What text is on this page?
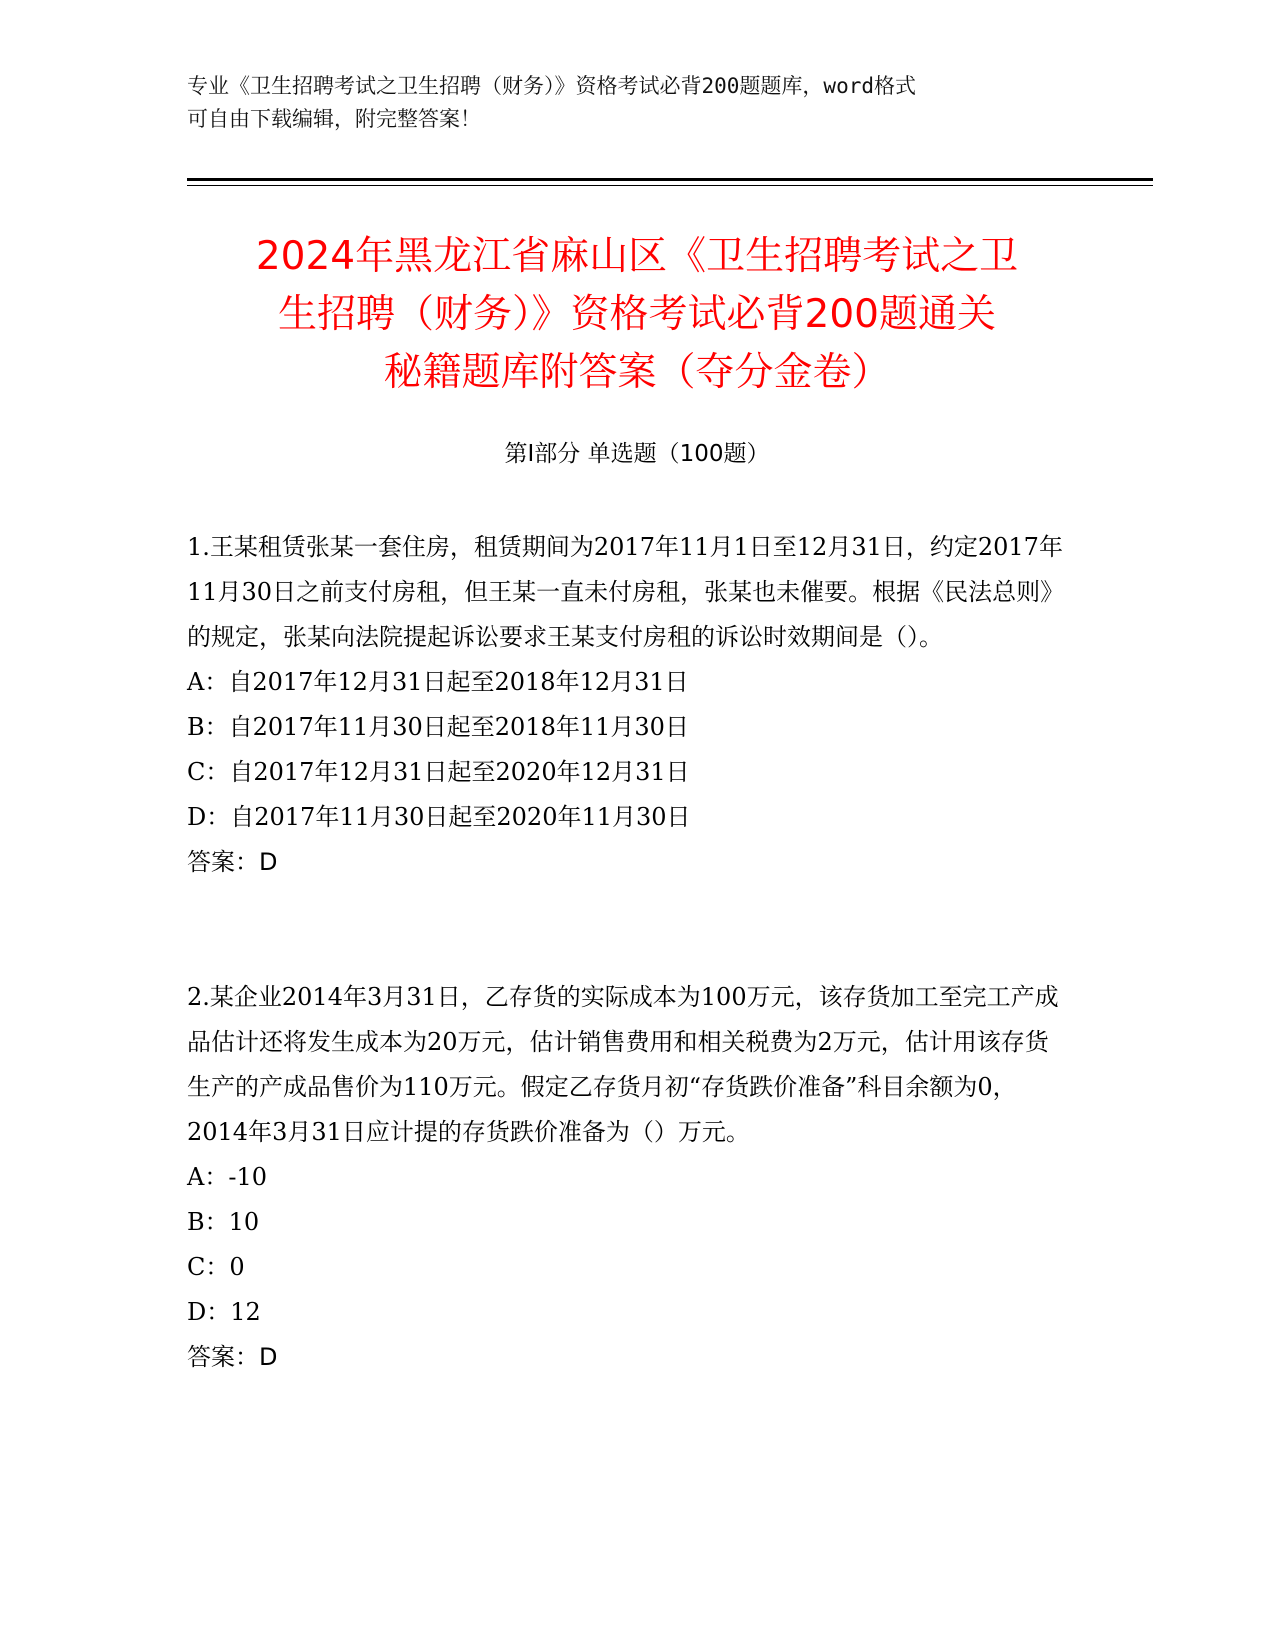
专业《卫生招聘考试之卫生招聘（财务）》资格考试必背200题题库，word格式
可自由下载编辑，附完整答案！
2024年黑龙江省麻山区《卫生招聘考试之卫
生招聘（财务）》资格考试必背200题通关
秘籍题库附答案（夺分金卷）
第Ⅰ部分 单选题（100题）
1.王某租赁张某一套住房，租赁期间为2017年11月1日至12月31日，约定2017年11月30日之前支付房租，但王某一直未付房租，张某也未催要。根据《民法总则》的规定，张某向法院提起诉讼要求王某支付房租的诉讼时效期间是（）。
A：自2017年12月31日起至2018年12月31日
B：自2017年11月30日起至2018年11月30日
C：自2017年12月31日起至2020年12月31日
D：自2017年11月30日起至2020年11月30日
答案：D
2.某企业2014年3月31日，乙存货的实际成本为100万元，该存货加工至完工产成品估计还将发生成本为20万元，估计销售费用和相关税费为2万元，估计用该存货生产的产成品售价为110万元。假定乙存货月初“存货跌价准备”科目余额为0，2014年3月31日应计提的存货跌价准备为（）万元。
A：-10
B：10
C：0
D：12
答案：D
